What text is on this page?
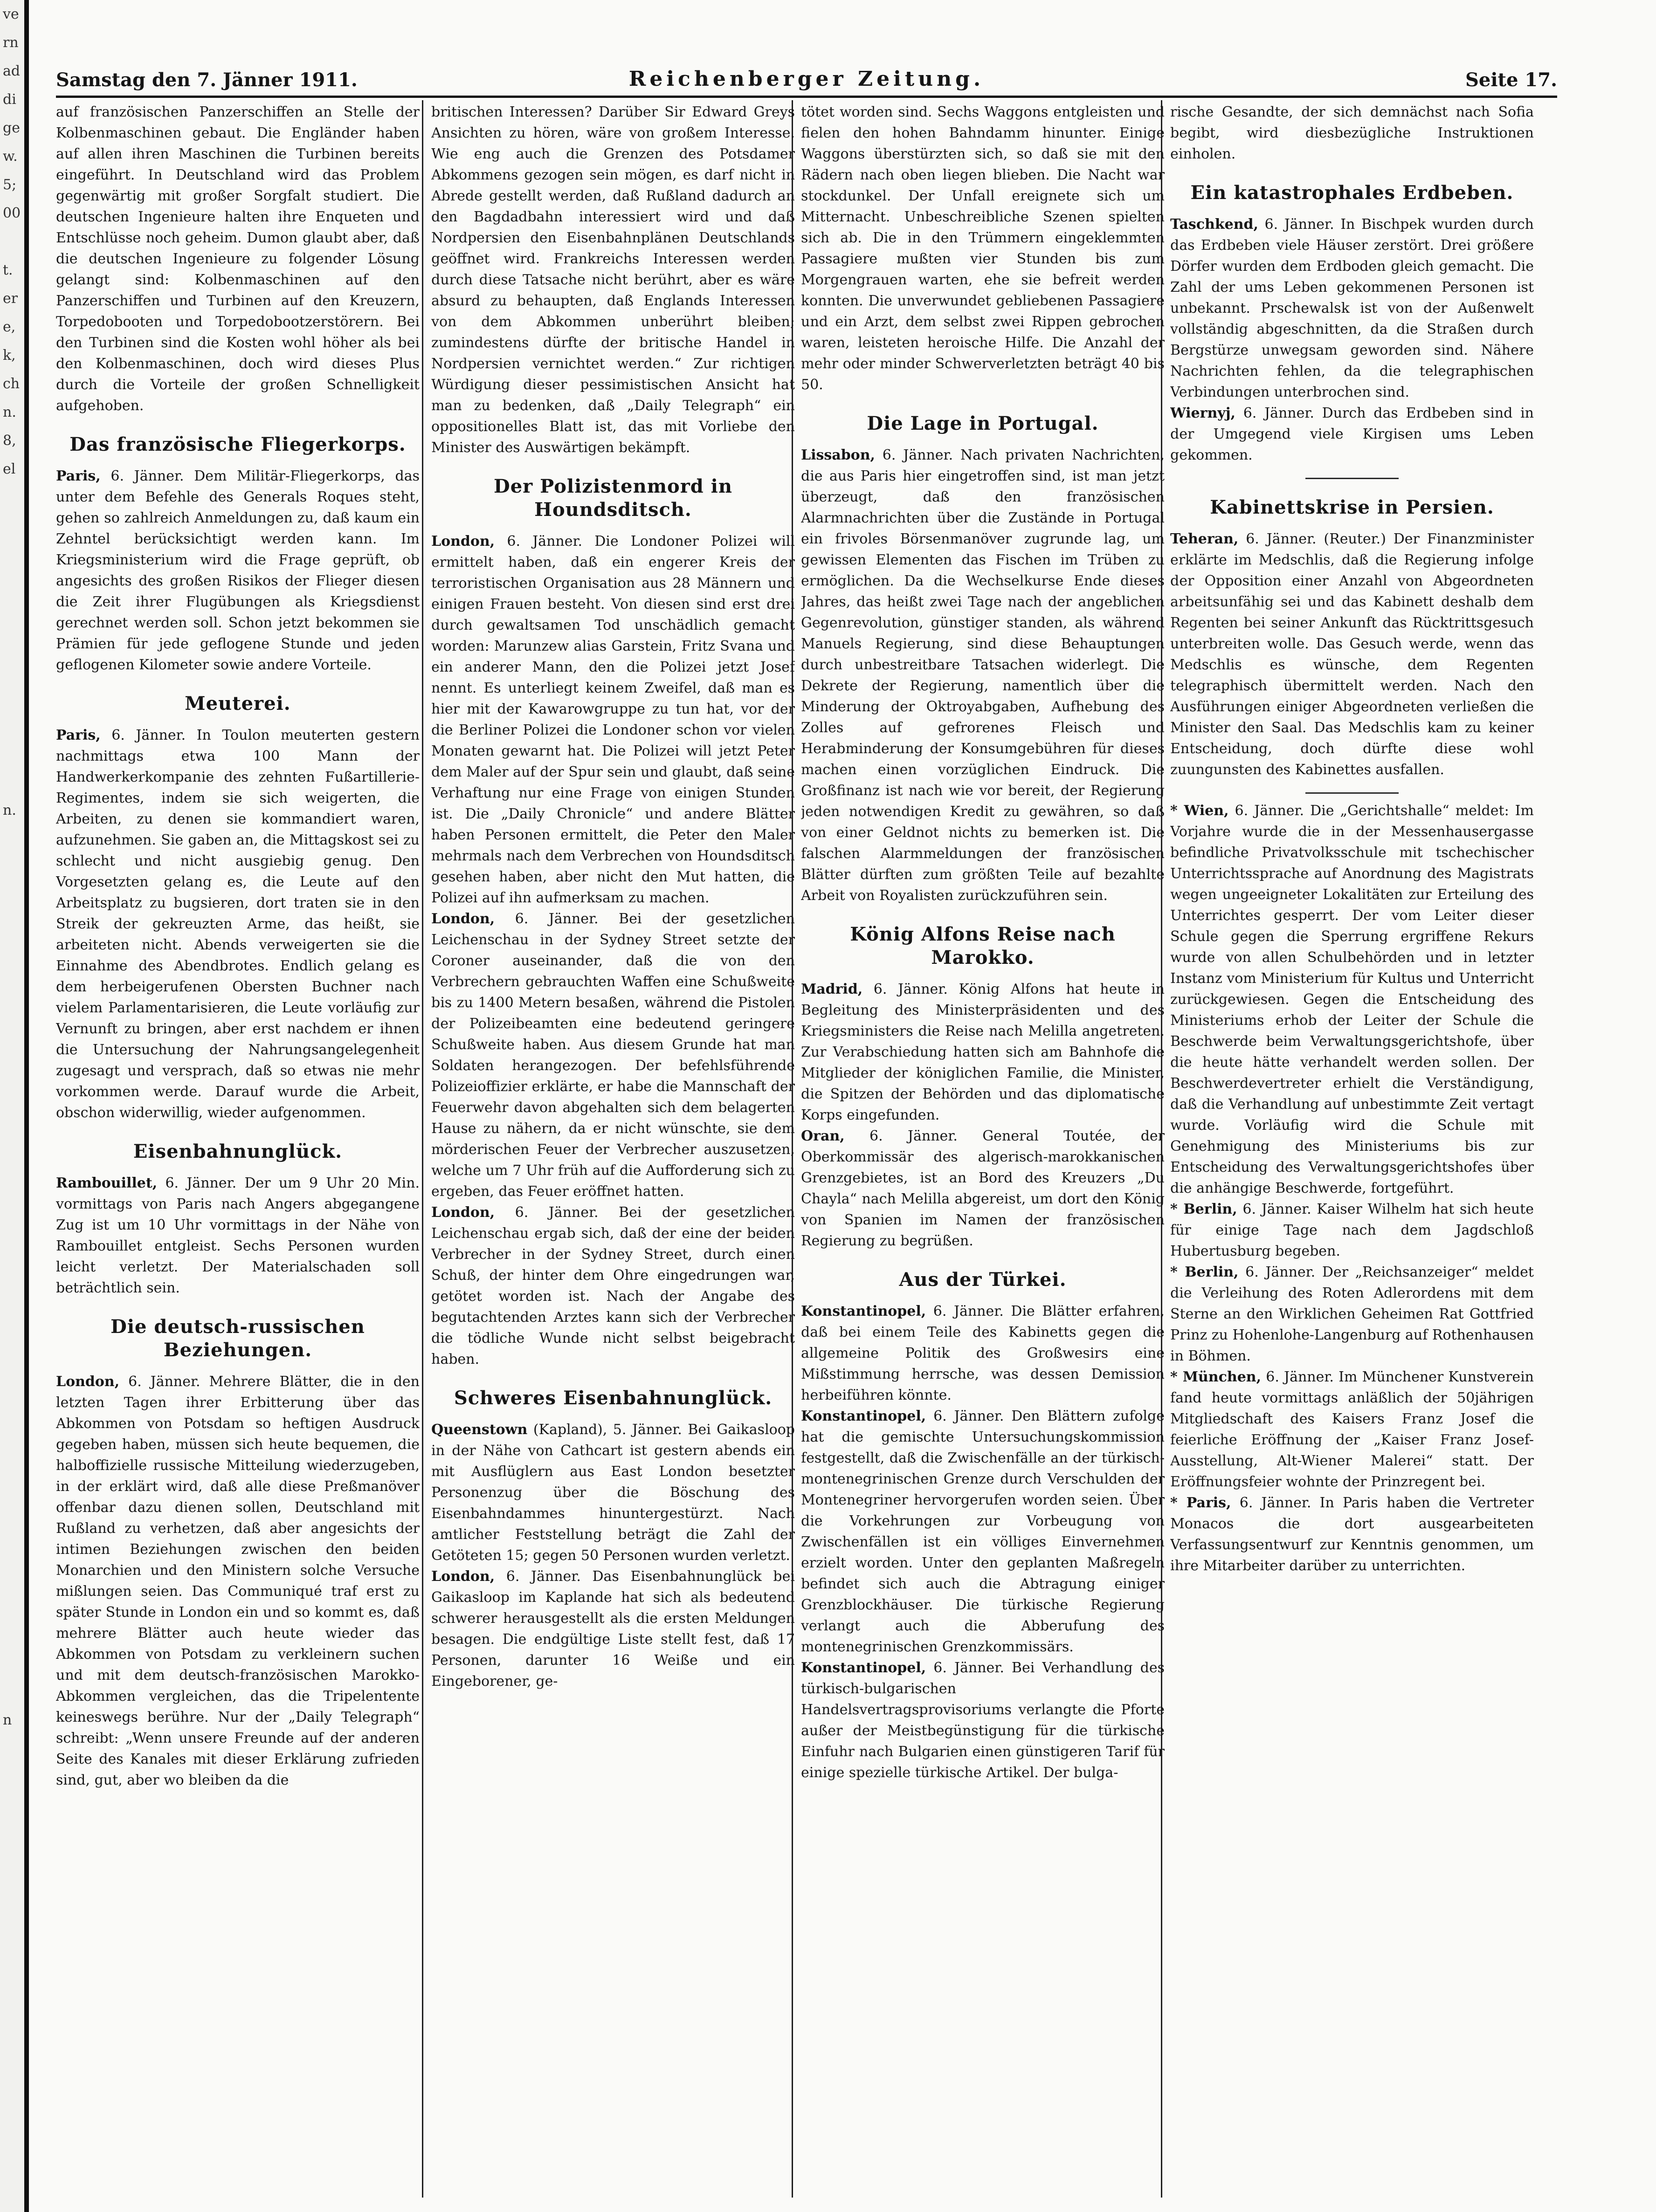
ve
rn
ad
di
ge
w.
5;
00

t.
er
e,
k,
ch
n.
8,
el

n.

n

Samstag den 7. Jänner 1911.	Reichenberger Zeitung.	Seite 17.

auf französischen Panzerschiffen an Stelle der Kolbenmaschinen gebaut. Die Engländer haben auf allen ihren Maschinen die Turbinen bereits eingeführt. In Deutschland wird das Problem gegenwärtig mit großer Sorgfalt studiert. Die deutschen Ingenieure halten ihre Enqueten und Entschlüsse noch geheim. Dumon glaubt aber, daß die deutschen Ingenieure zu folgender Lösung gelangt sind: Kolbenmaschinen auf den Panzerschiffen und Turbinen auf den Kreuzern, Torpedobooten und Torpedobootzerstörern. Bei den Turbinen sind die Kosten wohl höher als bei den Kolbenmaschinen, doch wird dieses Plus durch die Vorteile der großen Schnelligkeit aufgehoben.

Das französische Fliegerkorps.

Paris, 6. Jänner. Dem Militär-Fliegerkorps, das unter dem Befehle des Generals Roques steht, gehen so zahlreich Anmeldungen zu, daß kaum ein Zehntel berücksichtigt werden kann. Im Kriegsministerium wird die Frage geprüft, ob angesichts des großen Risikos der Flieger diesen die Zeit ihrer Flugübungen als Kriegsdienst gerechnet werden soll. Schon jetzt bekommen sie Prämien für jede geflogene Stunde und jeden geflogenen Kilometer sowie andere Vorteile.

Meuterei.

Paris, 6. Jänner. In Toulon meuterten gestern nachmittags etwa 100 Mann der Handwerkerkompanie des zehnten Fußartillerie-Regimentes, indem sie sich weigerten, die Arbeiten, zu denen sie kommandiert waren, aufzunehmen. Sie gaben an, die Mittagskost sei zu schlecht und nicht ausgiebig genug. Den Vorgesetzten gelang es, die Leute auf den Arbeitsplatz zu bugsieren, dort traten sie in den Streik der gekreuzten Arme, das heißt, sie arbeiteten nicht. Abends verweigerten sie die Einnahme des Abendbrotes. Endlich gelang es dem herbeigerufenen Obersten Buchner nach vielem Parlamentarisieren, die Leute vorläufig zur Vernunft zu bringen, aber erst nachdem er ihnen die Untersuchung der Nahrungsangelegenheit zugesagt und versprach, daß so etwas nie mehr vorkommen werde. Darauf wurde die Arbeit, obschon widerwillig, wieder aufgenommen.

Eisenbahnunglück.

Rambouillet, 6. Jänner. Der um 9 Uhr 20 Min. vormittags von Paris nach Angers abgegangene Zug ist um 10 Uhr vormittags in der Nähe von Rambouillet entgleist. Sechs Personen wurden leicht verletzt. Der Materialschaden soll beträchtlich sein.

Die deutsch-russischen Beziehungen.

London, 6. Jänner. Mehrere Blätter, die in den letzten Tagen ihrer Erbitterung über das Abkommen von Potsdam so heftigen Ausdruck gegeben haben, müssen sich heute bequemen, die halboffizielle russische Mitteilung wiederzugeben, in der erklärt wird, daß alle diese Preßmanöver offenbar dazu dienen sollen, Deutschland mit Rußland zu verhetzen, daß aber angesichts der intimen Beziehungen zwischen den beiden Monarchien und den Ministern solche Versuche mißlungen seien. Das Communiqué traf erst zu später Stunde in London ein und so kommt es, daß mehrere Blätter auch heute wieder das Abkommen von Potsdam zu verkleinern suchen und mit dem deutsch-französischen Marokko-Abkommen vergleichen, das die Tripelentente keineswegs berühre. Nur der „Daily Telegraph“ schreibt: „Wenn unsere Freunde auf der anderen Seite des Kanales mit dieser Erklärung zufrieden sind, gut, aber wo bleiben da die

britischen Interessen? Darüber Sir Edward Greys Ansichten zu hören, wäre von großem Interesse. Wie eng auch die Grenzen des Potsdamer Abkommens gezogen sein mögen, es darf nicht in Abrede gestellt werden, daß Rußland dadurch an den Bagdadbahn interessiert wird und daß Nordpersien den Eisenbahnplänen Deutschlands geöffnet wird. Frankreichs Interessen werden durch diese Tatsache nicht berührt, aber es wäre absurd zu behaupten, daß Englands Interessen von dem Abkommen unberührt bleiben; zumindestens dürfte der britische Handel in Nordpersien vernichtet werden.“ Zur richtigen Würdigung dieser pessimistischen Ansicht hat man zu bedenken, daß „Daily Telegraph“ ein oppositionelles Blatt ist, das mit Vorliebe den Minister des Auswärtigen bekämpft.

Der Polizistenmord in Houndsditsch.

London, 6. Jänner. Die Londoner Polizei will ermittelt haben, daß ein engerer Kreis der terroristischen Organisation aus 28 Männern und einigen Frauen besteht. Von diesen sind erst drei durch gewaltsamen Tod unschädlich gemacht worden: Marunzew alias Garstein, Fritz Svana und ein anderer Mann, den die Polizei jetzt Josef nennt. Es unterliegt keinem Zweifel, daß man es hier mit der Kawarowgruppe zu tun hat, vor der die Berliner Polizei die Londoner schon vor vielen Monaten gewarnt hat. Die Polizei will jetzt Peter dem Maler auf der Spur sein und glaubt, daß seine Verhaftung nur eine Frage von einigen Stunden ist. Die „Daily Chronicle“ und andere Blätter haben Personen ermittelt, die Peter den Maler mehrmals nach dem Verbrechen von Houndsditsch gesehen haben, aber nicht den Mut hatten, die Polizei auf ihn aufmerksam zu machen.

London, 6. Jänner. Bei der gesetzlichen Leichenschau in der Sydney Street setzte der Coroner auseinander, daß die von den Verbrechern gebrauchten Waffen eine Schußweite bis zu 1400 Metern besaßen, während die Pistolen der Polizeibeamten eine bedeutend geringere Schußweite haben. Aus diesem Grunde hat man Soldaten herangezogen. Der befehlsführende Polizeioffizier erklärte, er habe die Mannschaft der Feuerwehr davon abgehalten sich dem belagerten Hause zu nähern, da er nicht wünschte, sie dem mörderischen Feuer der Verbrecher auszusetzen, welche um 7 Uhr früh auf die Aufforderung sich zu ergeben, das Feuer eröffnet hatten.

London, 6. Jänner. Bei der gesetzlichen Leichenschau ergab sich, daß der eine der beiden Verbrecher in der Sydney Street, durch einen Schuß, der hinter dem Ohre eingedrungen war, getötet worden ist. Nach der Angabe des begutachtenden Arztes kann sich der Verbrecher die tödliche Wunde nicht selbst beigebracht haben.

Schweres Eisenbahnunglück.

Queenstown (Kapland), 5. Jänner. Bei Gaikasloop in der Nähe von Cathcart ist gestern abends ein mit Ausflüglern aus East London besetzter Personenzug über die Böschung des Eisenbahndammes hinuntergestürzt. Nach amtlicher Feststellung beträgt die Zahl der Getöteten 15; gegen 50 Personen wurden verletzt.

London, 6. Jänner. Das Eisenbahnunglück bei Gaikasloop im Kaplande hat sich als bedeutend schwerer herausgestellt als die ersten Meldungen besagen. Die endgültige Liste stellt fest, daß 17 Personen, darunter 16 Weiße und ein Eingeborener, ge-

tötet worden sind. Sechs Waggons entgleisten und fielen den hohen Bahndamm hinunter. Einige Waggons überstürzten sich, so daß sie mit den Rädern nach oben liegen blieben. Die Nacht war stockdunkel. Der Unfall ereignete sich um Mitternacht. Unbeschreibliche Szenen spielten sich ab. Die in den Trümmern eingeklemmten Passagiere mußten vier Stunden bis zum Morgengrauen warten, ehe sie befreit werden konnten. Die unverwundet gebliebenen Passagiere und ein Arzt, dem selbst zwei Rippen gebrochen waren, leisteten heroische Hilfe. Die Anzahl der mehr oder minder Schwerverletzten beträgt 40 bis 50.

Die Lage in Portugal.

Lissabon, 6. Jänner. Nach privaten Nachrichten, die aus Paris hier eingetroffen sind, ist man jetzt überzeugt, daß den französischen Alarmnachrichten über die Zustände in Portugal ein frivoles Börsenmanöver zugrunde lag, um gewissen Elementen das Fischen im Trüben zu ermöglichen. Da die Wechselkurse Ende dieses Jahres, das heißt zwei Tage nach der angeblichen Gegenrevolution, günstiger standen, als während Manuels Regierung, sind diese Behauptungen durch unbestreitbare Tatsachen widerlegt. Die Dekrete der Regierung, namentlich über die Minderung der Oktroyabgaben, Aufhebung des Zolles auf gefrorenes Fleisch und Herabminderung der Konsumgebühren für dieses machen einen vorzüglichen Eindruck. Die Großfinanz ist nach wie vor bereit, der Regierung jeden notwendigen Kredit zu gewähren, so daß von einer Geldnot nichts zu bemerken ist. Die falschen Alarmmeldungen der französischen Blätter dürften zum größten Teile auf bezahlte Arbeit von Royalisten zurückzuführen sein.

König Alfons Reise nach Marokko.

Madrid, 6. Jänner. König Alfons hat heute in Begleitung des Ministerpräsidenten und des Kriegsministers die Reise nach Melilla angetreten. Zur Verabschiedung hatten sich am Bahnhofe die Mitglieder der königlichen Familie, die Minister, die Spitzen der Behörden und das diplomatische Korps eingefunden.

Oran, 6. Jänner. General Toutée, der Oberkommissär des algerisch-marokkanischen Grenzgebietes, ist an Bord des Kreuzers „Du Chayla“ nach Melilla abgereist, um dort den König von Spanien im Namen der französischen Regierung zu begrüßen.

Aus der Türkei.

Konstantinopel, 6. Jänner. Die Blätter erfahren, daß bei einem Teile des Kabinetts gegen die allgemeine Politik des Großwesirs eine Mißstimmung herrsche, was dessen Demission herbeiführen könnte.

Konstantinopel, 6. Jänner. Den Blättern zufolge hat die gemischte Untersuchungskommission festgestellt, daß die Zwischenfälle an der türkisch-montenegrinischen Grenze durch Verschulden der Montenegriner hervorgerufen worden seien. Über die Vorkehrungen zur Vorbeugung von Zwischenfällen ist ein völliges Einvernehmen erzielt worden. Unter den geplanten Maßregeln befindet sich auch die Abtragung einiger Grenzblockhäuser. Die türkische Regierung verlangt auch die Abberufung des montenegrinischen Grenzkommissärs.

Konstantinopel, 6. Jänner. Bei Verhandlung des türkisch-bulgarischen Handelsvertragsprovisoriums verlangte die Pforte außer der Meistbegünstigung für die türkische Einfuhr nach Bulgarien einen günstigeren Tarif für einige spezielle türkische Artikel. Der bulga-

rische Gesandte, der sich demnächst nach Sofia begibt, wird diesbezügliche Instruktionen einholen.

Ein katastrophales Erdbeben.

Taschkend, 6. Jänner. In Bischpek wurden durch das Erdbeben viele Häuser zerstört. Drei größere Dörfer wurden dem Erdboden gleich gemacht. Die Zahl der ums Leben gekommenen Personen ist unbekannt. Prschewalsk ist von der Außenwelt vollständig abgeschnitten, da die Straßen durch Bergstürze unwegsam geworden sind. Nähere Nachrichten fehlen, da die telegraphischen Verbindungen unterbrochen sind.

Wiernyj, 6. Jänner. Durch das Erdbeben sind in der Umgegend viele Kirgisen ums Leben gekommen.

Kabinettskrise in Persien.

Teheran, 6. Jänner. (Reuter.) Der Finanzminister erklärte im Medschlis, daß die Regierung infolge der Opposition einer Anzahl von Abgeordneten arbeitsunfähig sei und das Kabinett deshalb dem Regenten bei seiner Ankunft das Rücktrittsgesuch unterbreiten wolle. Das Gesuch werde, wenn das Medschlis es wünsche, dem Regenten telegraphisch übermittelt werden. Nach den Ausführungen einiger Abgeordneten verließen die Minister den Saal. Das Medschlis kam zu keiner Entscheidung, doch dürfte diese wohl zuungunsten des Kabinettes ausfallen.

* Wien, 6. Jänner. Die „Gerichtshalle“ meldet: Im Vorjahre wurde die in der Messenhausergasse befindliche Privatvolksschule mit tschechischer Unterrichtssprache auf Anordnung des Magistrats wegen ungeeigneter Lokalitäten zur Erteilung des Unterrichtes gesperrt. Der vom Leiter dieser Schule gegen die Sperrung ergriffene Rekurs wurde von allen Schulbehörden und in letzter Instanz vom Ministerium für Kultus und Unterricht zurückgewiesen. Gegen die Entscheidung des Ministeriums erhob der Leiter der Schule die Beschwerde beim Verwaltungsgerichtshofe, über die heute hätte verhandelt werden sollen. Der Beschwerdevertreter erhielt die Verständigung, daß die Verhandlung auf unbestimmte Zeit vertagt wurde. Vorläufig wird die Schule mit Genehmigung des Ministeriums bis zur Entscheidung des Verwaltungsgerichtshofes über die anhängige Beschwerde, fortgeführt.

* Berlin, 6. Jänner. Kaiser Wilhelm hat sich heute für einige Tage nach dem Jagdschloß Hubertusburg begeben.

* Berlin, 6. Jänner. Der „Reichsanzeiger“ meldet die Verleihung des Roten Adlerordens mit dem Sterne an den Wirklichen Geheimen Rat Gottfried Prinz zu Hohenlohe-Langenburg auf Rothenhausen in Böhmen.

* München, 6. Jänner. Im Münchener Kunstverein fand heute vormittags anläßlich der 50jährigen Mitgliedschaft des Kaisers Franz Josef die feierliche Eröffnung der „Kaiser Franz Josef-Ausstellung, Alt-Wiener Malerei“ statt. Der Eröffnungsfeier wohnte der Prinzregent bei.

* Paris, 6. Jänner. In Paris haben die Vertreter Monacos die dort ausgearbeiteten Verfassungsentwurf zur Kenntnis genommen, um ihre Mitarbeiter darüber zu unterrichten.
